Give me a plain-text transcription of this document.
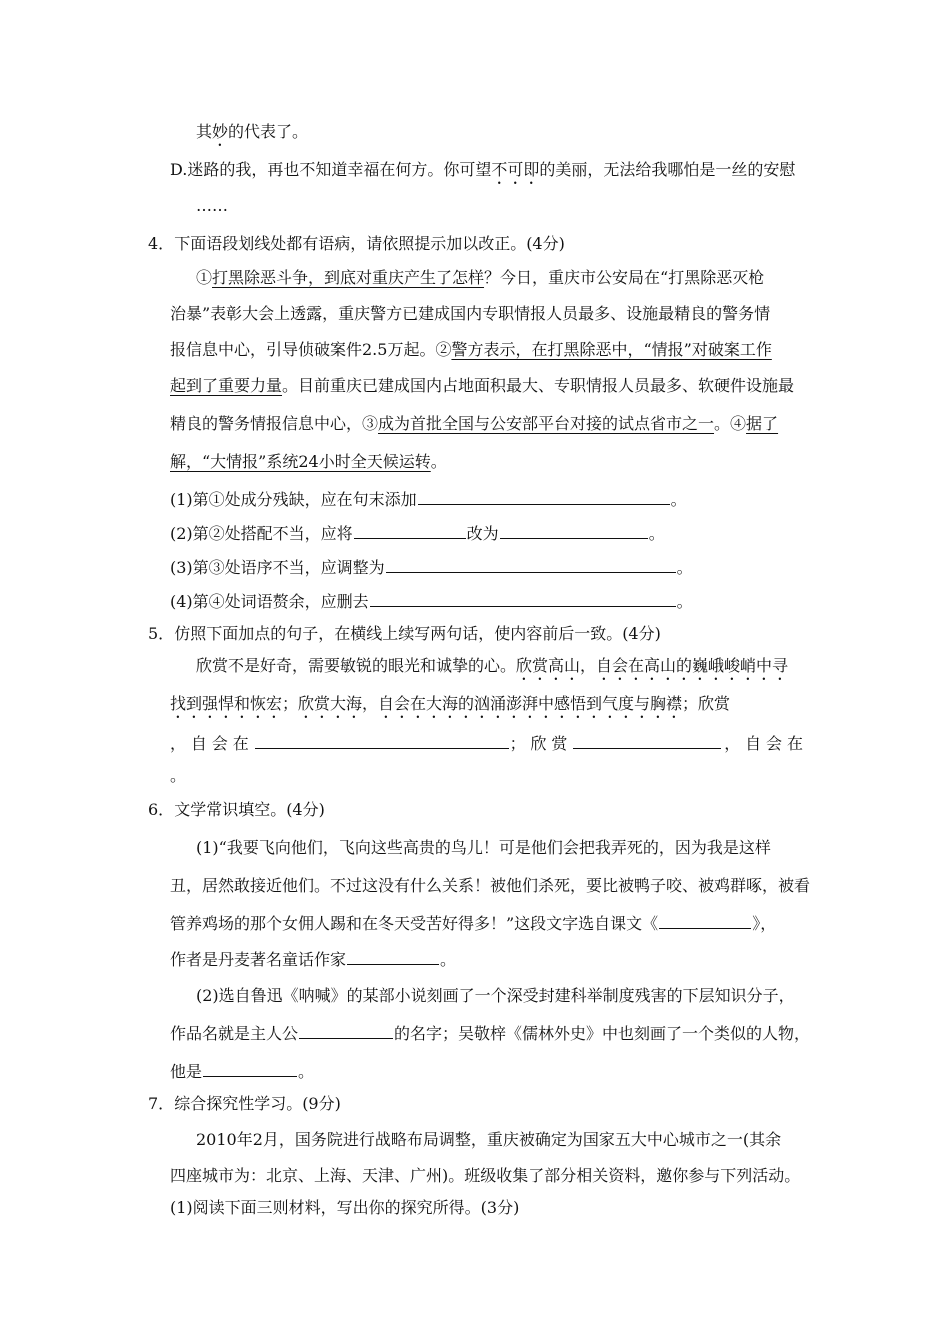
其妙的代表了。
D.迷路的我，再也不知道幸福在何方。你可望不可即的美丽，无法给我哪怕是一丝的安慰
……
4．下面语段划线处都有语病，请依照提示加以改正。(4分)
①打黑除恶斗争，到底对重庆产生了怎样？今日，重庆市公安局在“打黑除恶灭枪
治暴”表彰大会上透露，重庆警方已建成国内专职情报人员最多、设施最精良的警务情
报信息中心，引导侦破案件2.5万起。②警方表示，在打黑除恶中，“情报”对破案工作
起到了重要力量。目前重庆已建成国内占地面积最大、专职情报人员最多、软硬件设施最
精良的警务情报信息中心，③成为首批全国与公安部平台对接的试点省市之一。④据了
解，“大情报”系统24小时全天候运转。
(1)第①处成分残缺，应在句末添加	。
(2)第②处搭配不当，应将	改为	。
(3)第③处语序不当，应调整为	。
(4)第④处词语赘余，应删去	。
5．仿照下面加点的句子，在横线上续写两句话，使内容前后一致。(4分)
欣赏不是好奇，需要敏锐的眼光和诚挚的心。欣赏高山，自会在高山的巍峨峻峭中寻
找到强悍和恢宏；欣赏大海，自会在大海的汹涌澎湃中感悟到气度与胸襟；欣赏
，自会在	；欣赏	，自会在
。
6．文学常识填空。(4分)
(1)“我要飞向他们，飞向这些高贵的鸟儿！可是他们会把我弄死的，因为我是这样
丑，居然敢接近他们。不过这没有什么关系！被他们杀死，要比被鸭子咬、被鸡群啄，被看
管养鸡场的那个女佣人踢和在冬天受苦好得多！”这段文字选自课文《	》，
作者是丹麦著名童话作家	。
(2)选自鲁迅《呐喊》的某部小说刻画了一个深受封建科举制度残害的下层知识分子，
作品名就是主人公	的名字；吴敬梓《儒林外史》中也刻画了一个类似的人物，
他是	。
7．综合探究性学习。(9分)
2010年2月，国务院进行战略布局调整，重庆被确定为国家五大中心城市之一(其余
四座城市为：北京、上海、天津、广州)。班级收集了部分相关资料，邀你参与下列活动。
(1)阅读下面三则材料，写出你的探究所得。(3分)
